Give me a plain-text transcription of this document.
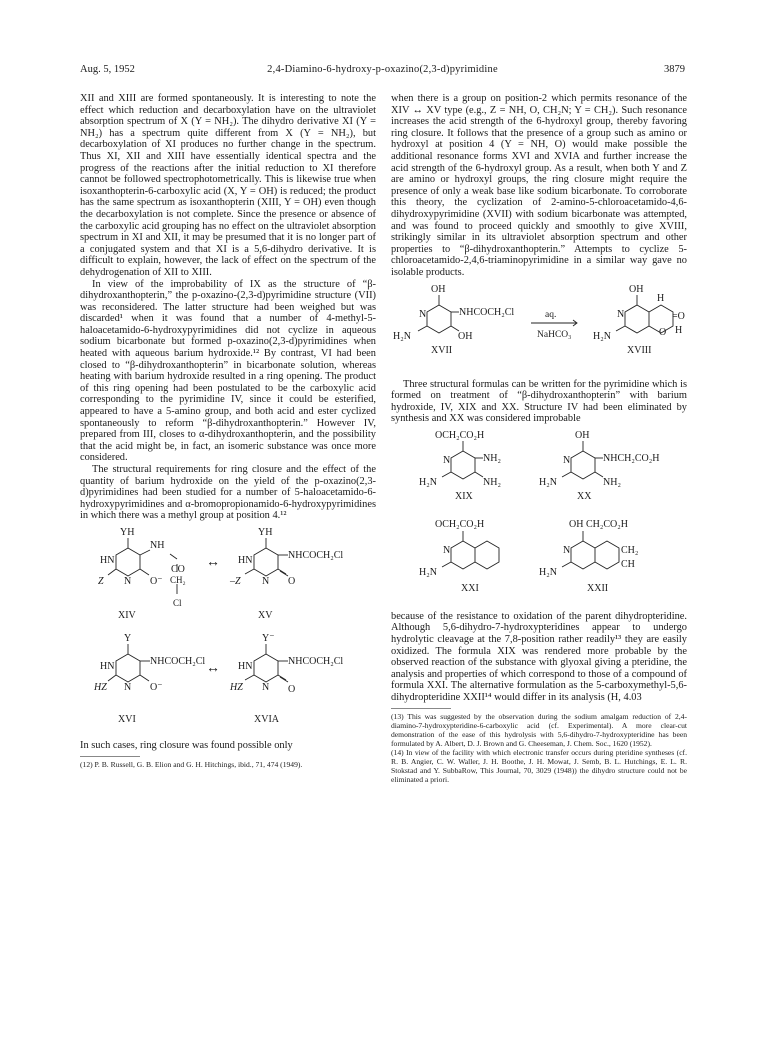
Aug. 5, 1952	2,4-Diamino-6-hydroxy-p-oxazino(2,3-d)pyrimidine	3879

XII and XIII are formed spontaneously. It is interesting to note the effect which reduction and decarboxylation have on the ultraviolet absorption spectrum of X (Y = NH₂). The dihydro derivative XI (Y = NH₂) has a spectrum quite different from X (Y = NH₂), but decarboxylation of XI produces no further change in the spectrum. Thus XI, XII and XIII have essentially identical spectra and the progress of the reactions after the initial reduction to XI therefore cannot be followed spectrophotometrically. This is likewise true when isoxanthopterin-6-carboxylic acid (X, Y = OH) is reduced; the product has the same spectrum as isoxanthopterin (XIII, Y = OH) even though the decarboxylation is not complete. Since the presence or absence of the carboxylic acid grouping has no effect on the ultraviolet absorption spectrum in XI and XII, it may be presumed that it is no longer part of a conjugated system and that XI is a 5,6-dihydro derivative. It is difficult to explain, however, the lack of effect on the spectrum of the dehydrogenation of XII to XIII.

In view of the improbability of IX as the structure of “β-dihydroxanthopterin,” the p-oxazino-(2,3-d)pyrimidine structure (VII) was reconsidered. The latter structure had been weighed but was discarded¹ when it was found that a number of 4-methyl-5-haloacetamido-6-hydroxypyrimidines did not cyclize in aqueous sodium bicarbonate but formed p-oxazino(2,3-d)pyrimidines when heated with aqueous barium hydroxide.¹² By contrast, VI had been closed to “β-dihydroxanthopterin” in bicarbonate solution, whereas heating with barium hydroxide resulted in a ring opening. The product of this ring opening had been postulated to be the carboxylic acid corresponding to the pyrimidine IV, since it could be esterified, appeared to have a 5-amino group, and both acid and ester cyclized spontaneously to reform “β-dihydroxanthopterin.” However IV, prepared from III, closes to α-dihydroxanthopterin, and the possibility that the acid might be, in fact, an isomeric substance was once more considered.

The structural requirements for ring closure and the effect of the quantity of barium hydroxide on the yield of the p-oxazino(2,3-d)pyrimidines had been studied for a number of 5-haloacetamido-6-hydroxypyrimidines and α-bromopropionamido-6-hydroxypyrimidines in which there was a methyl group at position 4.¹²

YH
NH
HN
CO
CH₂
Cl
N
Z	O⁻
XIV
↔
YH
NHCOCH₂Cl
HN
N
–Z	O
XV
Y
NHCOCH₂Cl
HN
N
HZ	O⁻
XVI
↔
Y⁻
NHCOCH₂Cl
HN
N
HZ	O
XVIA

In such cases, ring closure was found possible only

(12) P. B. Russell, G. B. Elion and G. H. Hitchings, ibid., 71, 474 (1949).

when there is a group on position-2 which permits resonance of the XIV ↔ XV type (e.g., Z = NH, O, CH₂N; Y = CH₂). Such resonance increases the acid strength of the 6-hydroxyl group, thereby favoring ring closure. It follows that the presence of a group such as amino or hydroxyl at position 4 (Y = NH, O) would make possible the additional resonance forms XVI and XVIA and further increase the acid strength of the 6-hydroxyl group. As a result, when both Y and Z are amino or hydroxyl groups, the ring closure might require the presence of only a weak base like sodium bicarbonate. To corroborate this theory, the cyclization of 2-amino-5-chloroacetamido-4,6-dihydroxypyrimidine (XVII) with sodium bicarbonate was attempted, and was found to proceed quickly and smoothly to give XVIII, strikingly similar in its ultraviolet absorption spectrum and other properties to “β-dihydroxanthopterin.” Attempts to cyclize 5-chloroacetamido-2,4,6-triaminopyrimidine in a similar way gave no isolable products.

OH
NHCOCH₂Cl
N
H₂N	OH
XVII
aq.
NaHCO₃
OH
H
N	=O
O H
H₂N
XVIII

Three structural formulas can be written for the pyrimidine which is formed on treatment of “β-dihydroxanthopterin” with barium hydroxide, IV, XIX and XX. Structure IV had been eliminated by synthesis and XX was considered improbable

OCH₂CO₂H
NH₂
N
H₂N	NH₂
XIX
OH
NHCH₂CO₂H
N
H₂N	NH₂
XX
OCH₂CO₂H
N
H₂N
XXI
OH CH₂CO₂H
N	CH₂
CH
H₂N
XXII

because of the resistance to oxidation of the parent dihydropteridine. Although 5,6-dihydro-7-hydroxypteridines appear to undergo hydrolytic cleavage at the 7,8-position rather readily¹³ they are easily oxidized. The formula XIX was rendered more probable by the observed reaction of the substance with glyoxal giving a pteridine, the analysis and properties of which correspond to those of a compound of formula XXI. The alternative formulation as the 5-carboxymethyl-5,6-dihydropteridine XXII¹⁴ would differ in its analysis (H, 4.03

(13) This was suggested by the observation during the sodium amalgam reduction of 2,4-diamino-7-hydroxypteridine-6-carboxylic acid (cf. Experimental). A more clear-cut demonstration of the ease of this hydrolysis with 5,6-dihydro-7-hydroxypteridine has been formulated by A. Albert, D. J. Brown and G. Cheeseman, J. Chem. Soc., 1620 (1952).

(14) In view of the facility with which electronic transfer occurs during pteridine syntheses (cf. R. B. Angier, C. W. Waller, J. H. Boothe, J. H. Mowat, J. Semb, B. L. Hutchings, E. L. R. Stokstad and Y. SubbaRow, This Journal, 70, 3029 (1948)) the dihydro structure could not be eliminated a priori.
